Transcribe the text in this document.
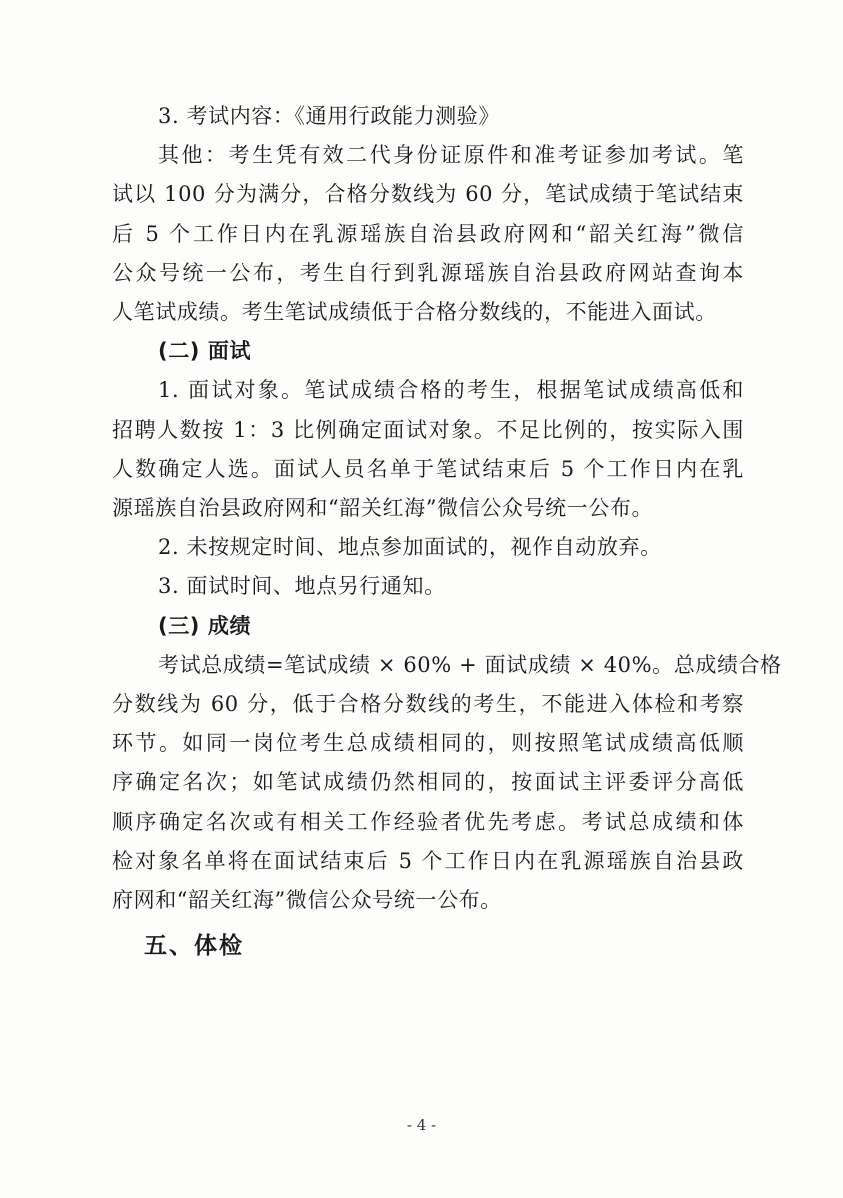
3. 考试内容：《通用行政能力测验》

其他：考生凭有效二代身份证原件和准考证参加考试。笔

试以 100 分为满分，合格分数线为 60 分，笔试成绩于笔试结束

后 5 个工作日内在乳源瑶族自治县政府网和“韶关红海”微信

公众号统一公布，考生自行到乳源瑶族自治县政府网站查询本

人笔试成绩。考生笔试成绩低于合格分数线的，不能进入面试。

(二) 面试

1. 面试对象。笔试成绩合格的考生，根据笔试成绩高低和

招聘人数按 1：3 比例确定面试对象。不足比例的，按实际入围

人数确定人选。面试人员名单于笔试结束后 5 个工作日内在乳

源瑶族自治县政府网和“韶关红海”微信公众号统一公布。

2. 未按规定时间、地点参加面试的，视作自动放弃。

3. 面试时间、地点另行通知。

(三) 成绩

考试总成绩=笔试成绩 × 60% + 面试成绩 × 40%。总成绩合格

分数线为 60 分，低于合格分数线的考生，不能进入体检和考察

环节。如同一岗位考生总成绩相同的，则按照笔试成绩高低顺

序确定名次；如笔试成绩仍然相同的，按面试主评委评分高低

顺序确定名次或有相关工作经验者优先考虑。考试总成绩和体

检对象名单将在面试结束后 5 个工作日内在乳源瑶族自治县政

府网和“韶关红海”微信公众号统一公布。

五、体检

- 4 -
